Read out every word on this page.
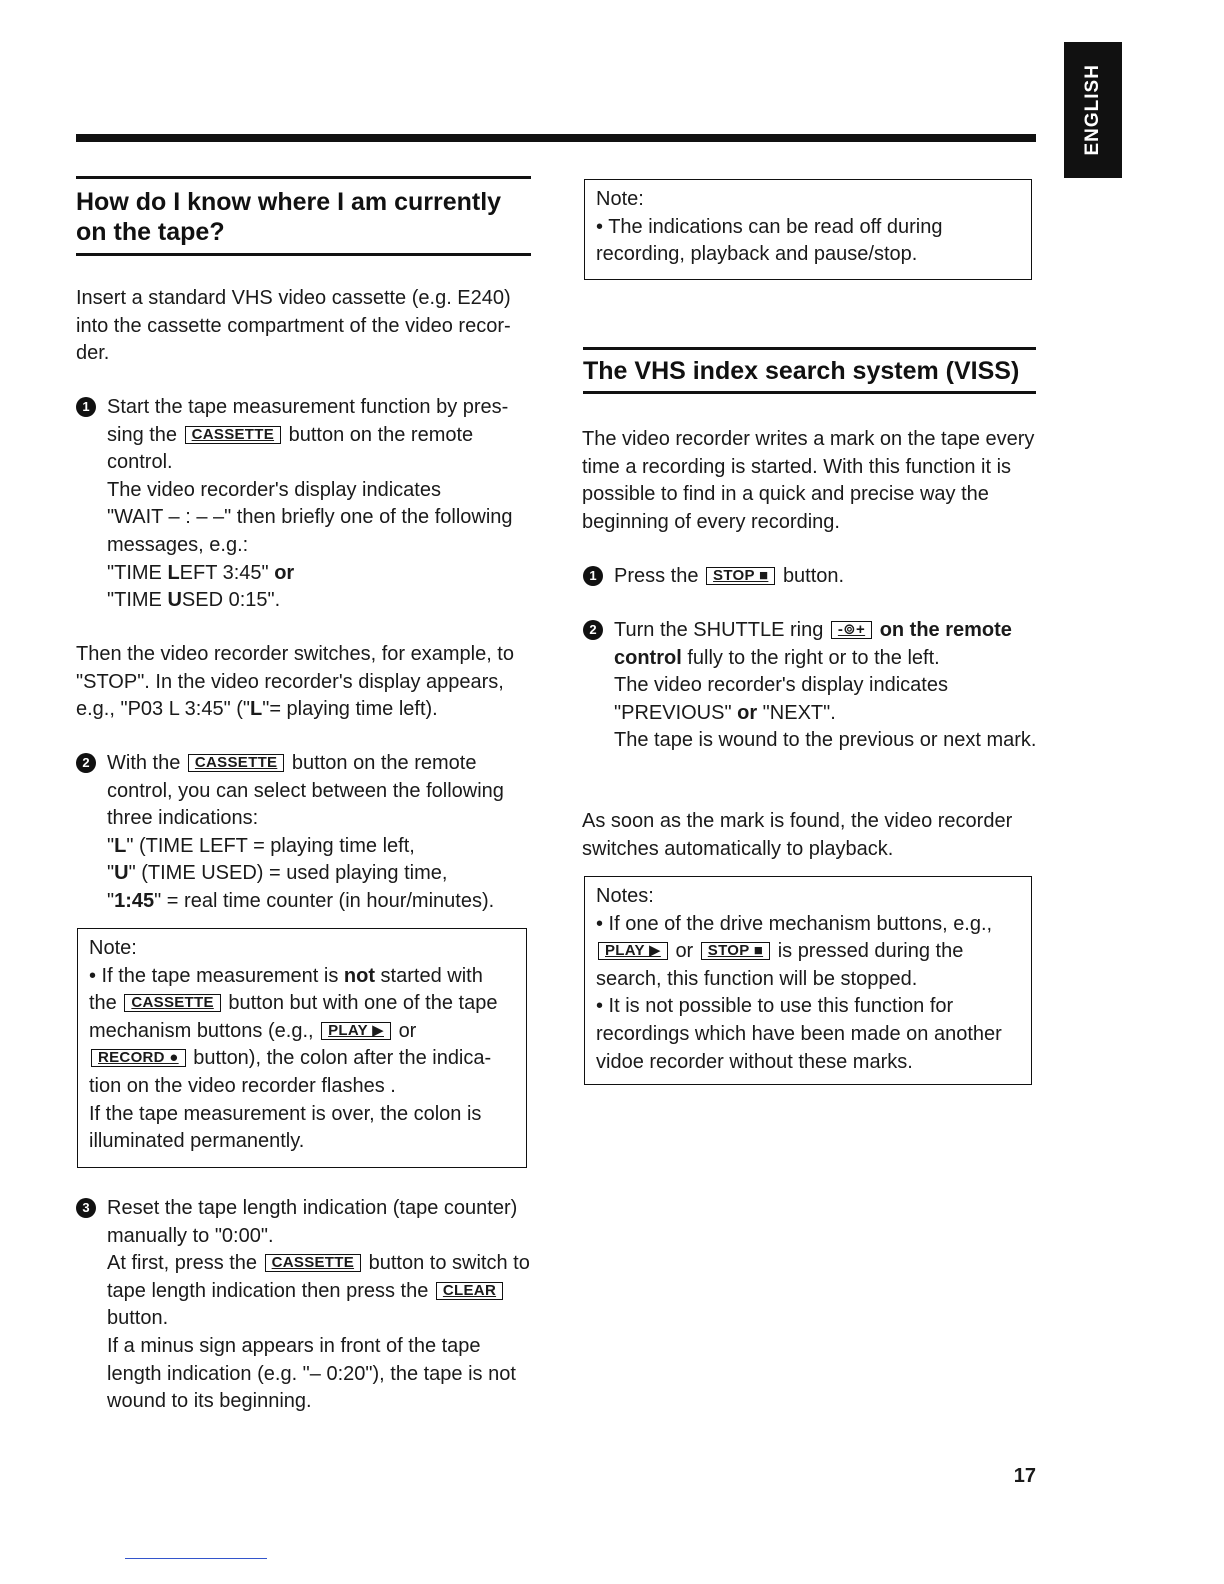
ENGLISH
How do I know where I am currently
on the tape?

Insert a standard VHS video cassette (e.g. E240) into the cassette compartment of the video recor-der.

1 Start the tape measurement function by pres-sing the CASSETTE button on the remote control.

The video recorder's display indicates

"WAIT – : – –" then briefly one of the following messages, e.g.:

"TIME LEFT 3:45" or

"TIME USED 0:15".

Then the video recorder switches, for example, to "STOP". In the video recorder's display appears, e.g., "P03 L 3:45" ("L"= playing time left).

2 With the CASSETTE button on the remote control, you can select between the following three indications:

"L" (TIME LEFT = playing time left,

"U" (TIME USED) = used playing time,

"1:45" = real time counter (in hour/minutes).

Note:

• If the tape measurement is not started with the CASSETTE button but with one of the tape mechanism buttons (e.g., PLAY ▶ or RECORD ● button), the colon after the indica-tion on the video recorder flashes .

If the tape measurement is over, the colon is illuminated permanently.

3 Reset the tape length indication (tape counter) manually to "0:00".

At first, press the CASSETTE button to switch to tape length indication then press the CLEAR button.

If a minus sign appears in front of the tape length indication (e.g. "– 0:20"), the tape is not wound to its beginning.

Note:

• The indications can be read off during recording, playback and pause/stop.

The VHS index search system (VISS)

The video recorder writes a mark on the tape every time a recording is started. With this function it is possible to find in a quick and precise way the beginning of every recording.

1 Press the STOP ■ button.

2 Turn the SHUTTLE ring -⊚+ on the remote control fully to the right or to the left.

The video recorder's display indicates "PREVIOUS" or "NEXT".

The tape is wound to the previous or next mark.

As soon as the mark is found, the video recorder switches automatically to playback.

Notes:

• If one of the drive mechanism buttons, e.g., PLAY ▶ or STOP ■ is pressed during the search, this function will be stopped.

• It is not possible to use this function for recordings which have been made on another vidoe recorder without these marks.

17
